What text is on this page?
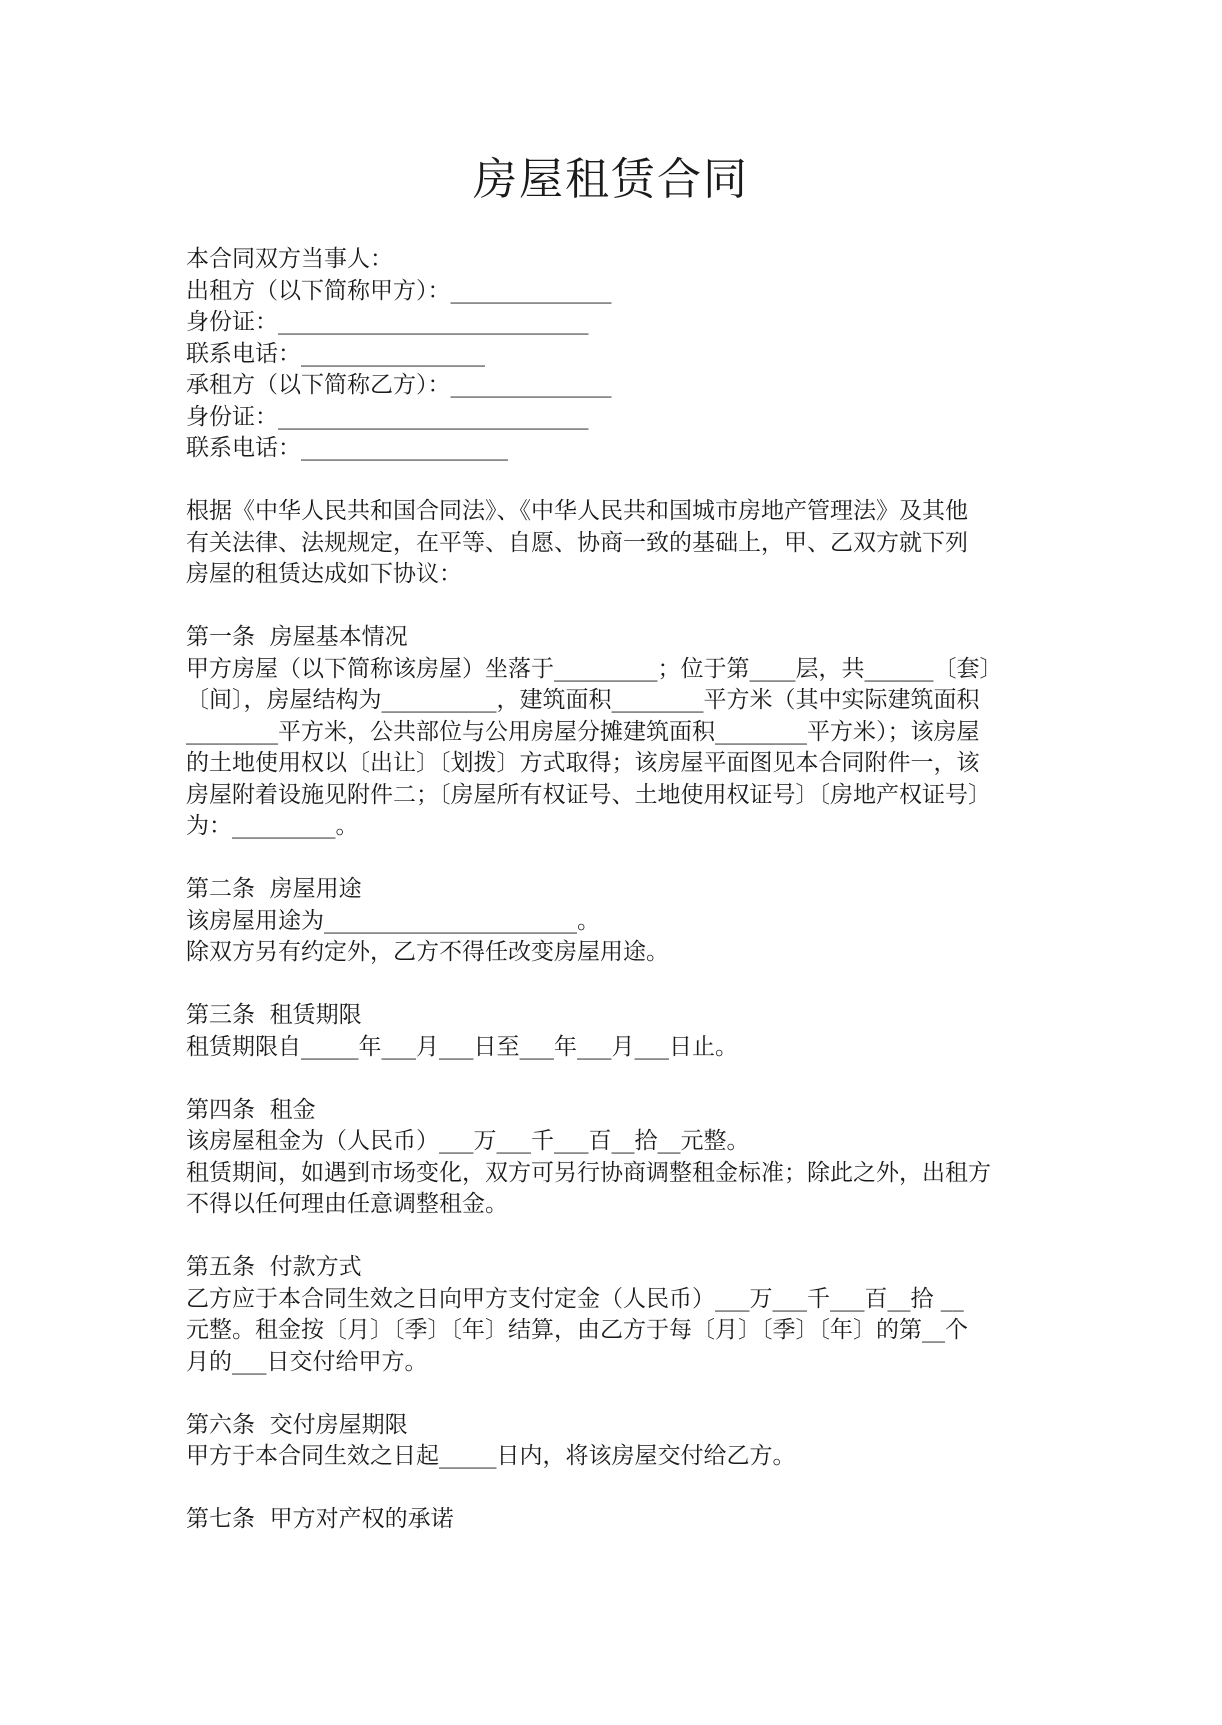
房屋租赁合同
本合同双方当事人：
出租方（以下简称甲方）：______________
身份证：___________________________
联系电话：________________
承租方（以下简称乙方）：______________
身份证：___________________________
联系电话：__________________
根据《中华人民共和国合同法》、《中华人民共和国城市房地产管理法》及其他
有关法律、法规规定，在平等、自愿、协商一致的基础上，甲、乙双方就下列
房屋的租赁达成如下协议：
第一条  房屋基本情况
甲方房屋（以下简称该房屋）坐落于_________；位于第____层，共______〔套〕
〔间〕，房屋结构为__________，建筑面积________平方米（其中实际建筑面积
________平方米，公共部位与公用房屋分摊建筑面积________平方米）；该房屋
的土地使用权以〔出让〕〔划拨〕方式取得；该房屋平面图见本合同附件一，该
房屋附着设施见附件二；〔房屋所有权证号、土地使用权证号〕〔房地产权证号〕
为：_________。
第二条  房屋用途
该房屋用途为______________________。
除双方另有约定外，乙方不得任改变房屋用途。
第三条  租赁期限
租赁期限自_____年___月___日至___年___月___日止。
第四条  租金
该房屋租金为（人民币）___万___千___百__拾__元整。
租赁期间，如遇到市场变化，双方可另行协商调整租金标准；除此之外，出租方
不得以任何理由任意调整租金。
第五条  付款方式
乙方应于本合同生效之日向甲方支付定金（人民币）___万___千___百__拾 __
元整。租金按〔月〕〔季〕〔年〕结算，由乙方于每〔月〕〔季〕〔年〕的第__个
月的___日交付给甲方。
第六条  交付房屋期限
甲方于本合同生效之日起_____日内，将该房屋交付给乙方。
第七条  甲方对产权的承诺
